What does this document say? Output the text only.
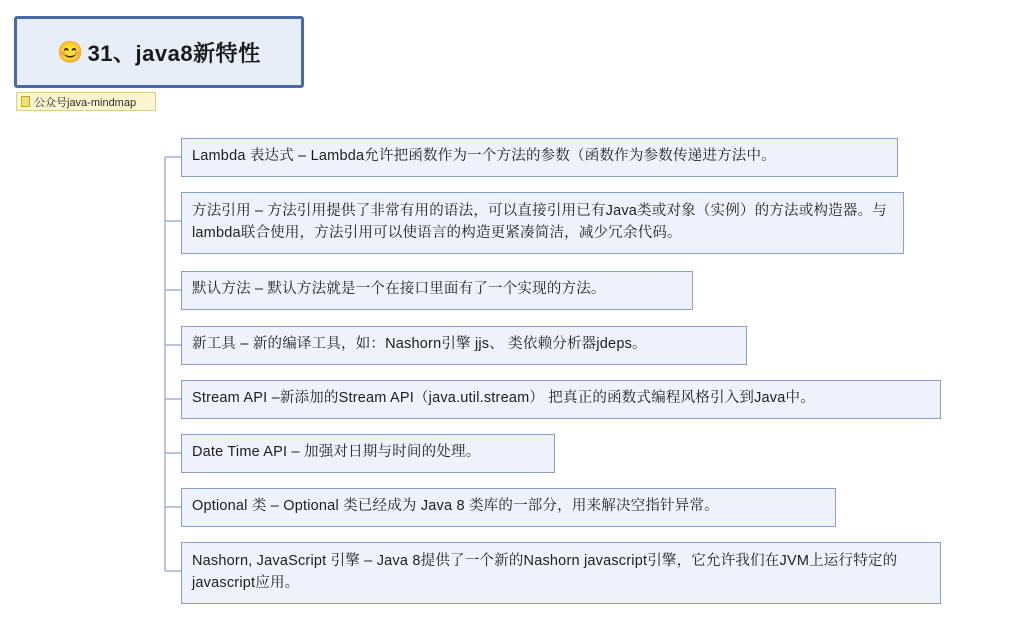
😊 31、java8新特性
公众号java-mindmap
Lambda 表达式 – Lambda允许把函数作为一个方法的参数（函数作为参数传递进方法中。
方法引用 – 方法引用提供了非常有用的语法，可以直接引用已有Java类或对象（实例）的方法或构造器。与lambda联合使用，方法引用可以使语言的构造更紧凑简洁，减少冗余代码。
默认方法 – 默认方法就是一个在接口里面有了一个实现的方法。
新工具 – 新的编译工具，如：Nashorn引擎 jjs、 类依赖分析器jdeps。
Stream API –新添加的Stream API（java.util.stream） 把真正的函数式编程风格引入到Java中。
Date Time API – 加强对日期与时间的处理。
Optional 类 – Optional 类已经成为 Java 8 类库的一部分，用来解决空指针异常。
Nashorn, JavaScript 引擎 – Java 8提供了一个新的Nashorn javascript引擎，它允许我们在JVM上运行特定的javascript应用。
